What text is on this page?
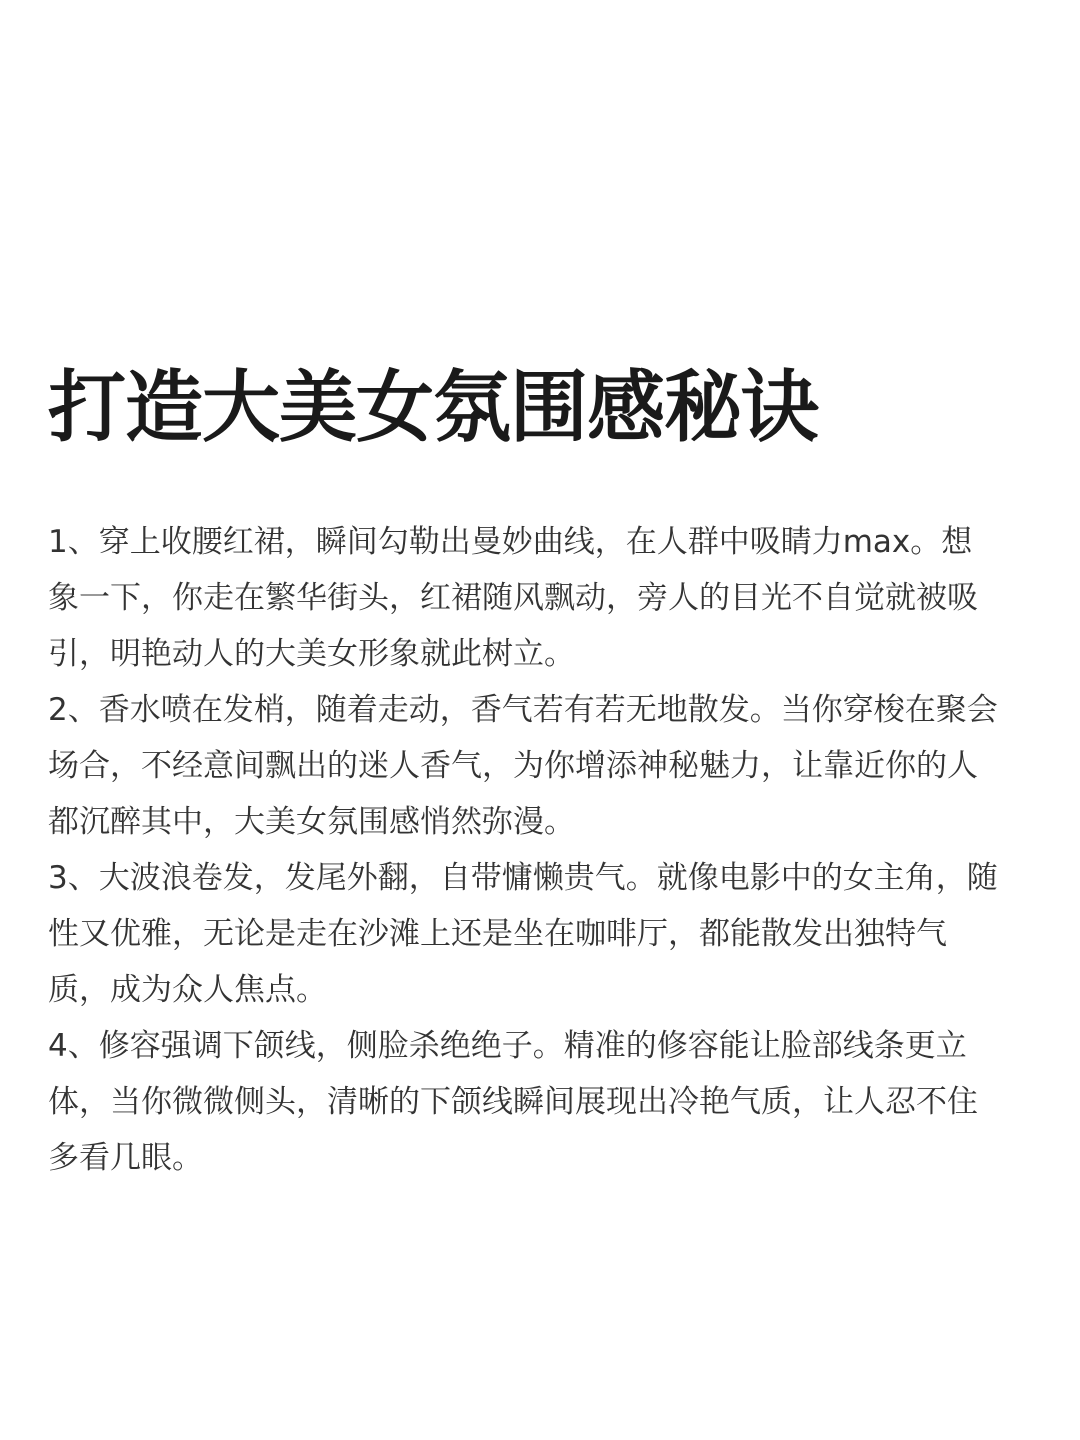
打造大美女氛围感秘诀

1、穿上收腰红裙，瞬间勾勒出曼妙曲线，在人群中吸睛力max。想
象一下，你走在繁华街头，红裙随风飘动，旁人的目光不自觉就被吸
引，明艳动人的大美女形象就此树立。

2、香水喷在发梢，随着走动，香气若有若无地散发。当你穿梭在聚会
场合，不经意间飘出的迷人香气，为你增添神秘魅力，让靠近你的人
都沉醉其中，大美女氛围感悄然弥漫。

3、大波浪卷发，发尾外翻，自带慵懒贵气。就像电影中的女主角，随
性又优雅，无论是走在沙滩上还是坐在咖啡厅，都能散发出独特气
质，成为众人焦点。

4、修容强调下颌线，侧脸杀绝绝子。精准的修容能让脸部线条更立
体，当你微微侧头，清晰的下颌线瞬间展现出冷艳气质，让人忍不住
多看几眼。
